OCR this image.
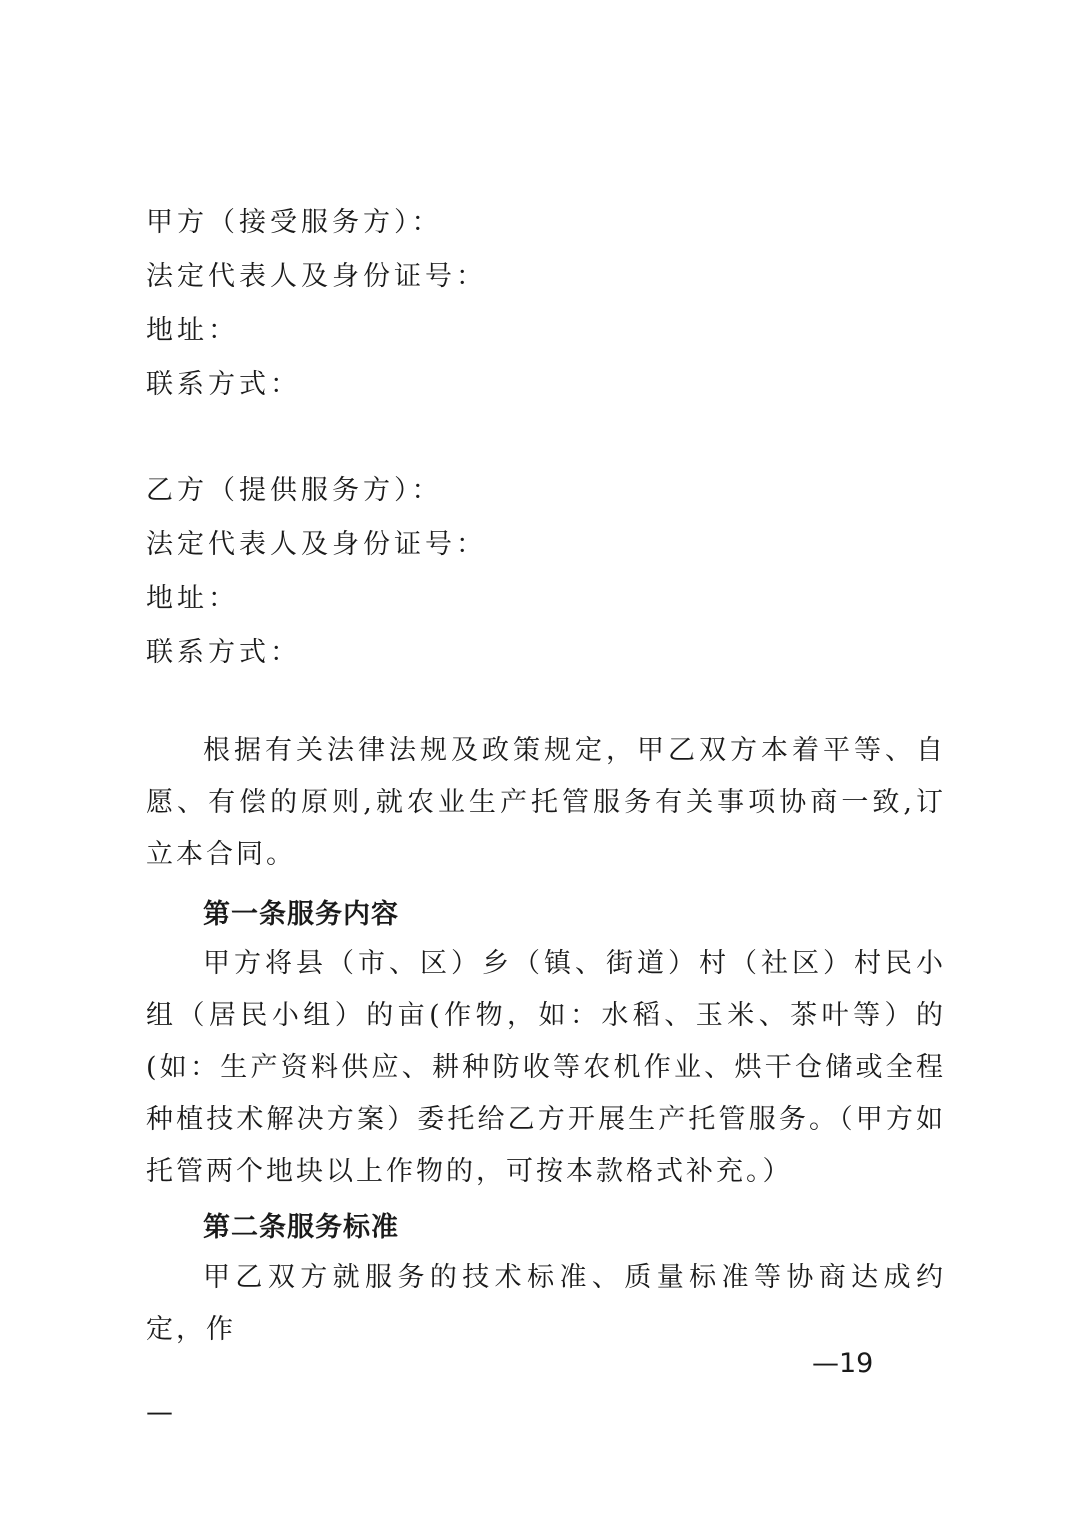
甲方（接受服务方）：
法定代表人及身份证号：
地址：
联系方式：
乙方（提供服务方）：
法定代表人及身份证号：
地址：
联系方式：
根据有关法律法规及政策规定，甲乙双方本着平等、自愿、有偿的原则,就农业生产托管服务有关事项协商一致,订立本合同。
第一条服务内容
甲方将县（市、区）乡（镇、街道）村（社区）村民小组（居民小组）的亩(作物，如：水稻、玉米、茶叶等）的(如：生产资料供应、耕种防收等农机作业、烘干仓储或全程种植技术解决方案）委托给乙方开展生产托管服务。（甲方如托管两个地块以上作物的，可按本款格式补充。）
第二条服务标准
甲乙双方就服务的技术标准、质量标准等协商达成约定，作
—19
—
